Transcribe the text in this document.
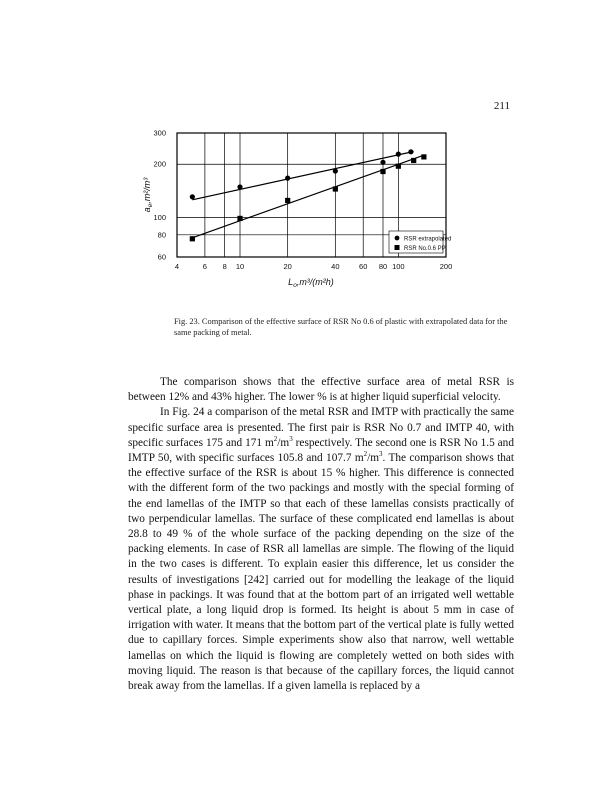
211
4	6 8 10	20	40	60 80 100	200
60
80
100
200
300
RSR extrapolated
RSR No.0.6 PP
$a_e,m^2/m^3$
$L_o,m^3/(m^2h)$
Fig. 23. Comparison of the effective surface of RSR No 0.6 of plastic with extrapolated data for the same packing of metal.

The comparison shows that the effective surface area of metal RSR is between 12% and 43% higher. The lower % is at higher liquid superficial velocity.

In Fig. 24 a comparison of the metal RSR and IMTP with practically the same specific surface area is presented. The first pair is RSR No 0.7 and IMTP 40, with specific surfaces 175 and 171 $m^2/m^3$ respectively. The second one is RSR No 1.5 and IMTP 50, with specific surfaces 105.8 and 107.7 $m^2/m^3$. The comparison shows that the effective surface of the RSR is about 15 % higher. This difference is connected with the different form of the two packings and mostly with the special forming of the end lamellas of the IMTP so that each of these lamellas consists practically of two perpendicular lamellas. The surface of these complicated end lamellas is about 28.8 to 49 % of the whole surface of the packing depending on the size of the packing elements. In case of RSR all lamellas are simple. The flowing of the liquid in the two cases is different. To explain easier this difference, let us consider the results of investigations [242] carried out for modelling the leakage of the liquid phase in packings. It was found that at the bottom part of an irrigated well wettable vertical plate, a long liquid drop is formed. Its height is about 5 mm in case of irrigation with water. It means that the bottom part of the vertical plate is fully wetted due to capillary forces. Simple experiments show also that narrow, well wettable lamellas on which the liquid is flowing are completely wetted on both sides with moving liquid. The reason is that because of the capillary forces, the liquid cannot break away from the lamellas. If a given lamella is replaced by a
